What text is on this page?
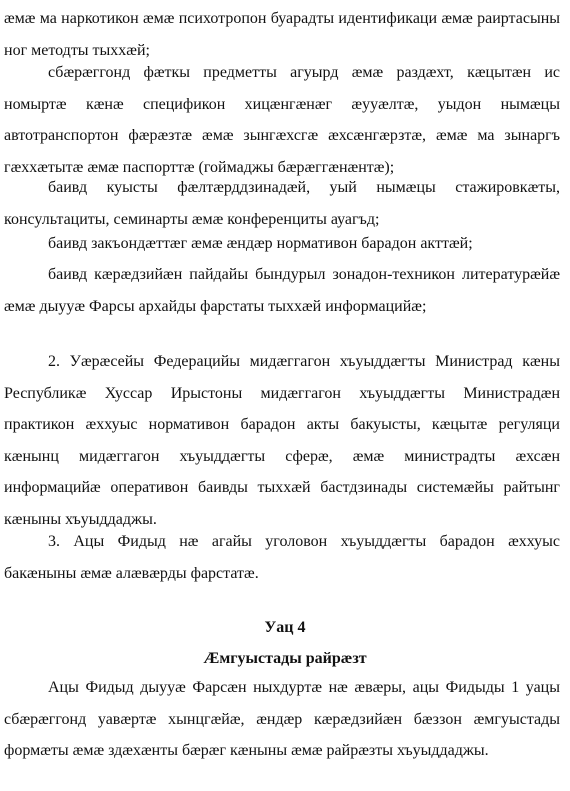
æмæ ма наркотикон æмæ психотропон буарадты идентификаци æмæ раиртасыны ног методты тыххæй;

сбæрæггонд фæткы предметты агуырд æмæ раздæхт, кæцытæн ис номыртæ кæнæ спецификон хицæнгæнæг æууæлтæ, уыдон нымæцы автотранспортон фæрæзтæ æмæ зынгæхсгæ æхсæнгæрзтæ, æмæ ма зынаргъ гæххæтытæ æмæ паспорттæ (гоймаджы бæрæггæнæнтæ);

баивд куысты фæлтæрддзинадæй, уый нымæцы стажировкæты, консультациты, семинарты æмæ конференциты ауагъд;

баивд закъондæттæг æмæ æндæр нормативон барадон акттæй;

баивд кæрæдзийæн пайдайы бындурыл зонадон-техникон литературæйæ æмæ дыууæ Фарсы архайды фарстаты тыххæй информацийæ;

2. Уæрæсейы Федерацийы мидæггагон хъуыддæгты Министрад кæны Республикæ Хуссар Ирыстоны мидæггагон хъуыддæгты Министрадæн практикон æххуыс нормативон барадон акты бакуысты, кæцытæ регуляци кæнынц мидæггагон хъуыддæгты сферæ, æмæ министрадты æхсæн информацийæ оперативон баивды тыххæй бастдзинады системæйы райтынг кæныны хъуыддаджы.

3. Ацы Фидыд нæ агайы уголовон хъуыддæгты барадон æххуыс бакæныны æмæ алæвæрды фарстатæ.

Уац 4

Æмгуыстады райрæзт

Ацы Фидыд дыууæ Фарсæн ныхдуртæ нæ æвæры, ацы Фидыды 1 уацы сбæрæггонд уавæртæ хынцгæйæ, æндæр кæрæдзийæн бæззон æмгуыстады формæты æмæ здæхæнты бæрæг кæныны æмæ райрæзты хъуыддаджы.
